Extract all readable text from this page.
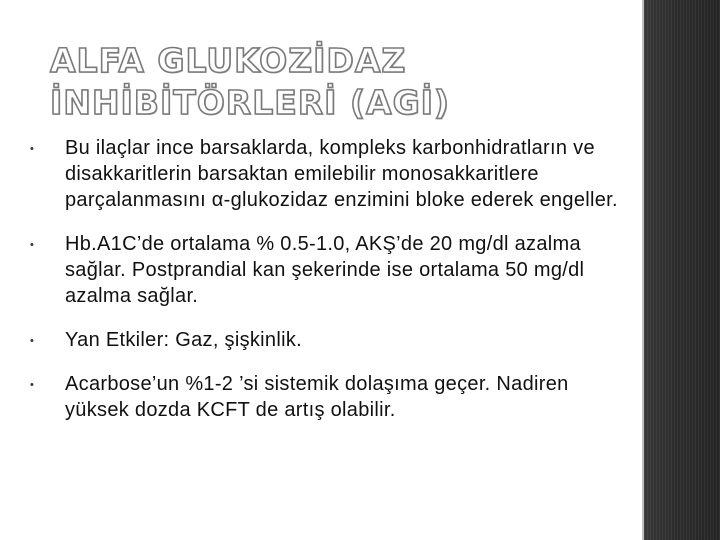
ALFA GLUKOZİDAZ İNHİBİTÖRLERİ (AGİ)
• Bu ilaçlar ince barsaklarda, kompleks karbonhidratların ve disakkaritlerin barsaktan emilebilir monosakkaritlere parçalanmasını α-glukozidaz enzimini bloke ederek engeller.
• Hb.A1C’de ortalama % 0.5-1.0, AKŞ’de 20 mg/dl azalma sağlar. Postprandial kan şekerinde ise ortalama 50 mg/dl azalma sağlar.
• Yan Etkiler: Gaz, şişkinlik.
• Acarbose’un %1-2 ’si sistemik dolaşıma geçer. Nadiren yüksek dozda KCFT de artış olabilir.
